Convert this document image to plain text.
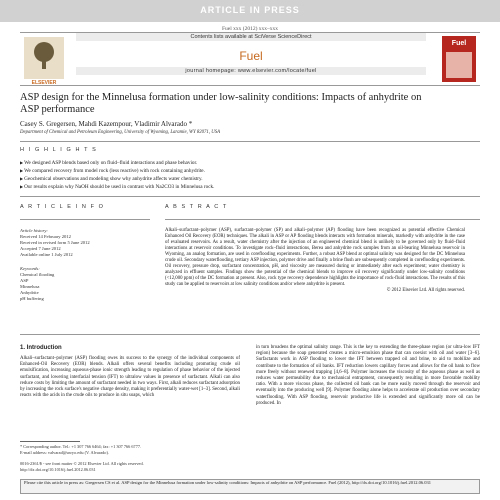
ARTICLE IN PRESS
Fuel xxx (2012) xxx–xxx
ELSEVIER
Contents lists available at SciVerse ScienceDirect
Fuel
journal homepage: www.elsevier.com/locate/fuel
Fuel
ASP design for the Minnelusa formation under low-salinity conditions: Impacts of anhydrite on ASP performance
Casey S. Gregersen, Mahdi Kazempour, Vladimir Alvarado *
Department of Chemical and Petroleum Engineering, University of Wyoming, Laramie, WY 82071, USA
H I G H L I G H T S
▶ We designed ASP blends based only on fluid–fluid interactions and phase behavior.
▶ We compared recovery from model rock (less reactive) with rock containing anhydrite.
▶ Geochemical observations and modeling show why anhydrite affects water chemistry.
▶ Our results explain why NaOH should be used in contrast with Na2CO3 in Minnelusa rock.
A R T I C L E I N F O	A B S T R A C T
Article history:
Received 14 February 2012
Received in revised form 5 June 2012
Accepted 7 June 2012
Available online 1 July 2012
Keywords:
Chemical flooding
ASP
Minnelusa
Anhydrite
pH buffering
Alkali–surfactant–polymer (ASP), surfactant–polymer (SP) and alkali–polymer (AP) flooding have been recognized as potential effective Chemical Enhanced Oil Recovery (EOR) techniques. The alkali in ASP or AP flooding blends interacts with formation minerals, markedly with anhydrite in the case of evaluated reservoirs. As a result, water chemistry after the injection of an engineered chemical blend is unlikely to be governed only by fluid–fluid interactions at reservoir conditions. To investigate rock–fluid interactions, Berea and anhydrite rock samples from an oil-bearing Minnelusa reservoir in Wyoming, an analog formation, are used in coreflooding experiments. Further, a robust ASP blend at optimal salinity was designed for the DC Minnelusa crude oil. Secondary waterflooding, tertiary ASP injection, polymer drive and finally a brine flush are subsequently completed in coreflooding experiments. Oil recovery, pressure drop, surfactant concentration, pH, and viscosity are measured during or immediately after each experiment; water chemistry is analyzed in effluent samples. Findings show the potential of the chemical blends to improve oil recovery significantly under low-salinity conditions (<12,000 ppm) of the DC formation at present. Also, rock type recovery dependence highlights the importance of rock-fluid interactions. The results of this study can be applied to reservoirs at low salinity conditions and/or where anhydrite is present.
© 2012 Elsevier Ltd. All rights reserved.
1. Introduction
Alkali–surfactant–polymer (ASP) flooding owes its success to the synergy of the individual components of Enhanced-Oil Recovery (EOR) blends. Alkali offers several benefits including promoting crude oil emulsification, increasing aqueous-phase ionic strength leading to regulation of phase behavior of the injected surfactant, and lowering interfacial tension (IFT) to ultralow values in presence of surfactant. Alkali can also reduce costs by limiting the amount of surfactant needed in two ways. First, alkali reduces surfactant adsorption by increasing the rock surface's negative charge density, making it preferentially water-wet [1–3]. Second, alkali reacts with the acids in the crude oils to produce in situ soaps, which
in turn broadens the optimal salinity range. This is the key to extending the three-phase region (or ultra-low IFT region) because the soap generated creates a micro-emulsion phase that can coexist with oil and water [3–6]. Surfactants work in ASP flooding to lower the IFT between trapped oil and brine, to aid to mobilize and contribute to the formation of oil banks. IFT reduction lowers capillary forces and allows for the oil bank to flow more freely without renewed trapping [4,6–8]. Polymer increases the viscosity of the aqueous phase as well as reduces water permeability due to mechanical entrapment, consequently resulting in more favorable mobility ratio. With a more viscous phase, the collected oil bank can be more easily moved through the reservoir and eventually into the producing well [9]. Polymer flooding alone helps to accelerate oil production over secondary waterflooding. With ASP flooding, reservoir productive life is extended and significantly more oil can be produced. In
* Corresponding author. Tel.: +1 307 766 6464; fax: +1 307 766 6777.
E-mail address: valvarad@uwyo.edu (V. Alvarado).
0016-2361/$ - see front matter © 2012 Elsevier Ltd. All rights reserved.
http://dx.doi.org/10.1016/j.fuel.2012.06.031
Please cite this article in press as: Gregersen CS et al. ASP design for the Minnelusa formation under low-salinity conditions: Impacts of anhydrite on ASP performance. Fuel (2012), http://dx.doi.org/10.1016/j.fuel.2012.06.031
